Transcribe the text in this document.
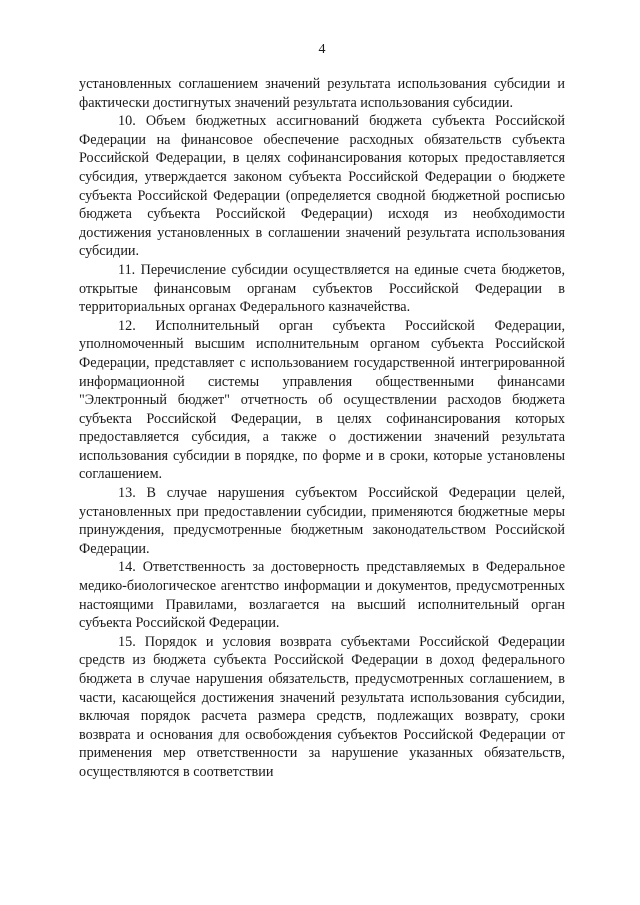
4

установленных соглашением значений результата использования субсидии и фактически достигнутых значений результата использования субсидии.

10. Объем бюджетных ассигнований бюджета субъекта Российской Федерации на финансовое обеспечение расходных обязательств субъекта Российской Федерации, в целях софинансирования которых предоставляется субсидия, утверждается законом субъекта Российской Федерации о бюджете субъекта Российской Федерации (определяется сводной бюджетной росписью бюджета субъекта Российской Федерации) исходя из необходимости достижения установленных в соглашении значений результата использования субсидии.

11. Перечисление субсидии осуществляется на единые счета бюджетов, открытые финансовым органам субъектов Российской Федерации в территориальных органах Федерального казначейства.

12. Исполнительный орган субъекта Российской Федерации, уполномоченный высшим исполнительным органом субъекта Российской Федерации, представляет с использованием государственной интегрированной информационной системы управления общественными финансами "Электронный бюджет" отчетность об осуществлении расходов бюджета субъекта Российской Федерации, в целях софинансирования которых предоставляется субсидия, а также о достижении значений результата использования субсидии в порядке, по форме и в сроки, которые установлены соглашением.

13. В случае нарушения субъектом Российской Федерации целей, установленных при предоставлении субсидии, применяются бюджетные меры принуждения, предусмотренные бюджетным законодательством Российской Федерации.

14. Ответственность за достоверность представляемых в Федеральное медико-биологическое агентство информации и документов, предусмотренных настоящими Правилами, возлагается на высший исполнительный орган субъекта Российской Федерации.

15. Порядок и условия возврата субъектами Российской Федерации средств из бюджета субъекта Российской Федерации в доход федерального бюджета в случае нарушения обязательств, предусмотренных соглашением, в части, касающейся достижения значений результата использования субсидии, включая порядок расчета размера средств, подлежащих возврату, сроки возврата и основания для освобождения субъектов Российской Федерации от применения мер ответственности за нарушение указанных обязательств, осуществляются в соответствии
